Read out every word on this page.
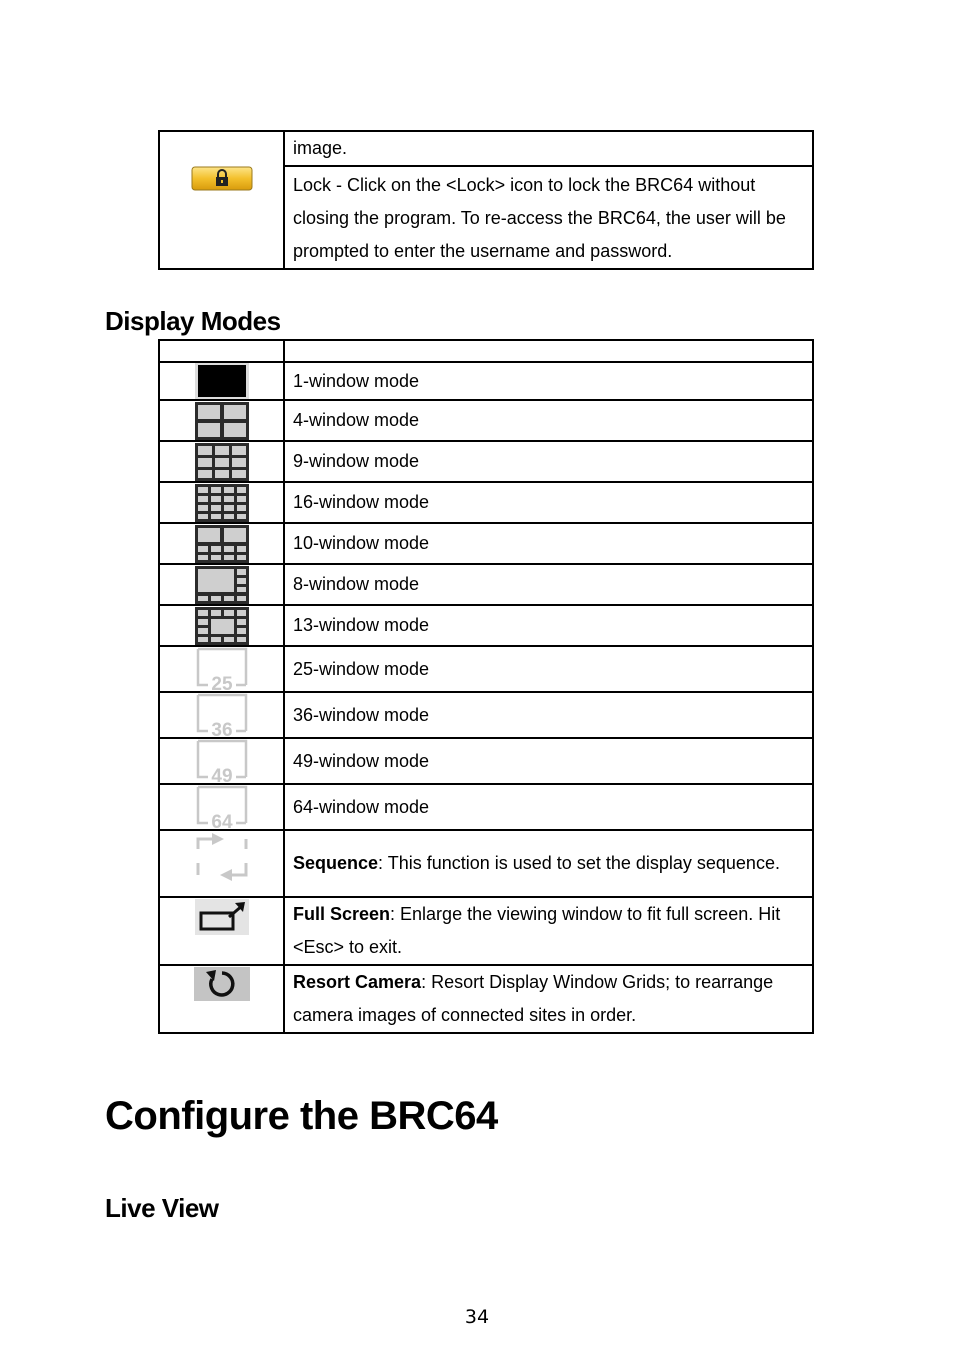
	image.
Lock - Click on the <Lock> icon to lock the BRC64 without closing the program. To re-access the BRC64, the user will be prompted to enter the username and password.
Display Modes

	1-window mode
	4-window mode
	9-window mode
	16-window mode
	10-window mode
	8-window mode
	13-window mode

25	25-window mode

36	36-window mode

49	49-window mode

64	64-window mode
	Sequence: This function is used to set the display sequence.
	Full Screen: Enlarge the viewing window to fit full screen. Hit <Esc> to exit.
	Resort Camera: Resort Display Window Grids; to rearrange camera images of connected sites in order.
Configure the BRC64
Live View
34
